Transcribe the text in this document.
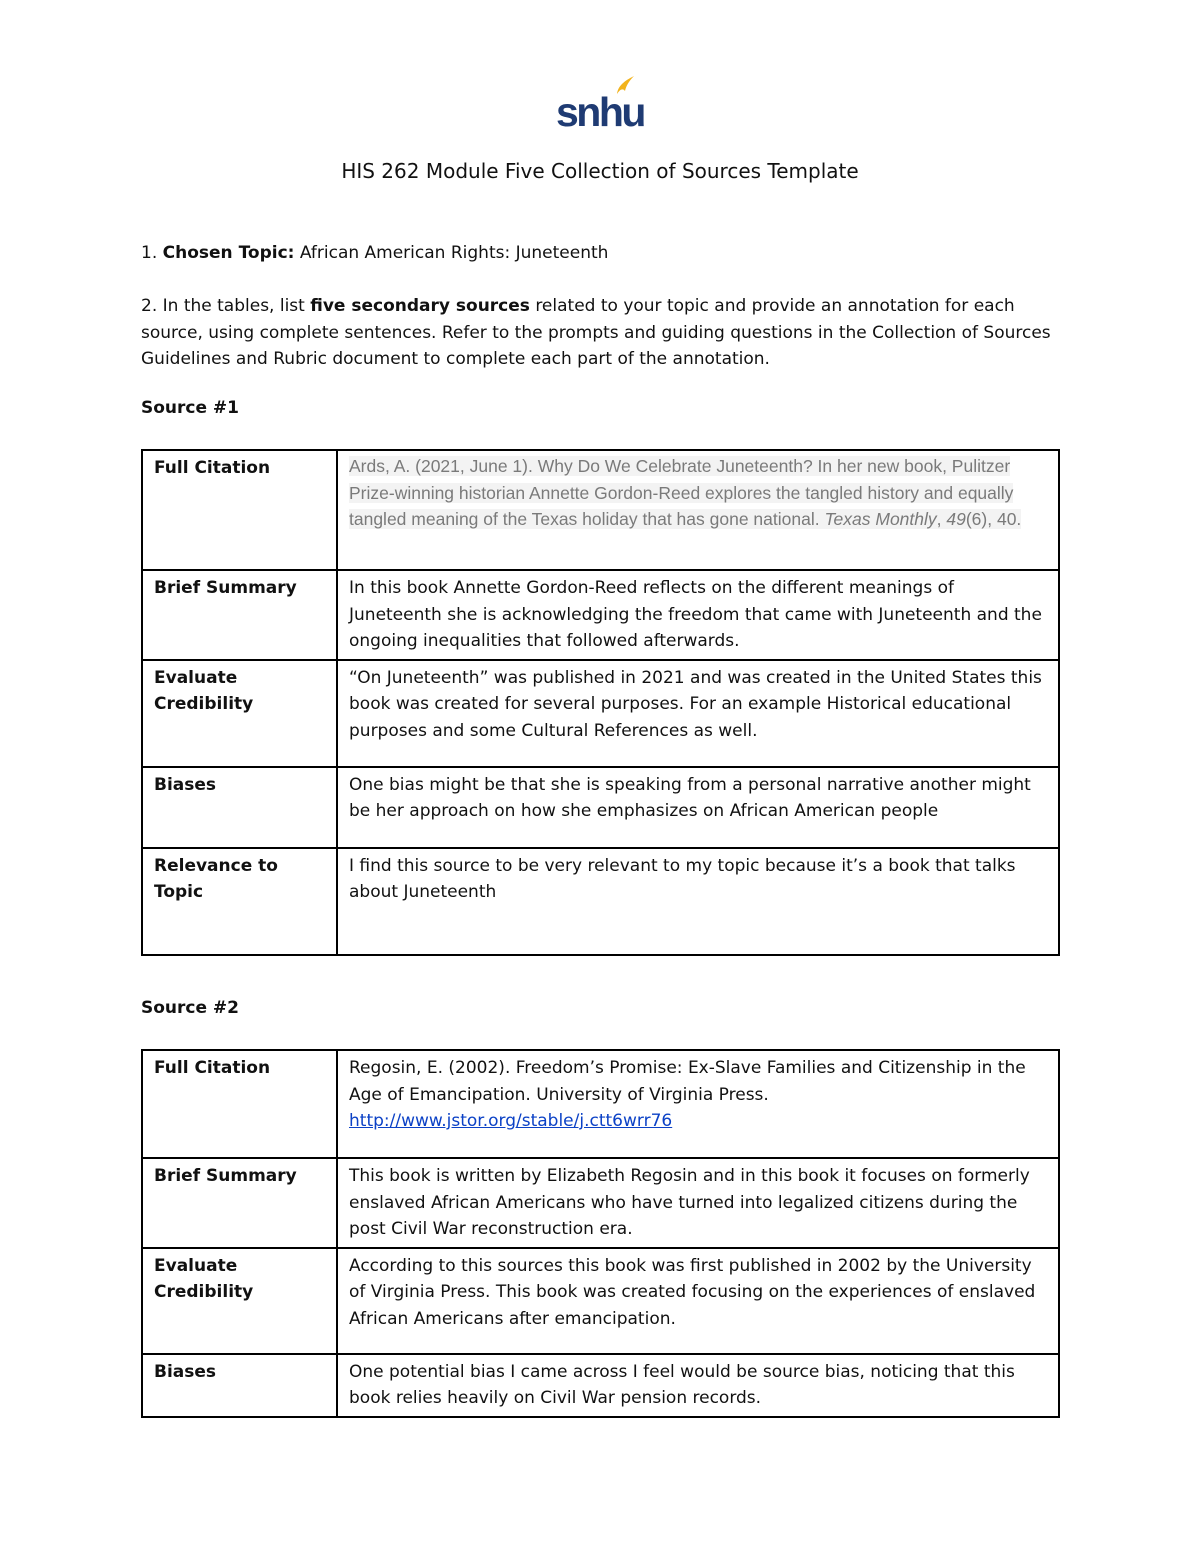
snhu
HIS 262 Module Five Collection of Sources Template
1. Chosen Topic: African American Rights: Juneteenth
2. In the tables, list five secondary sources related to your topic and provide an annotation for each source, using complete sentences. Refer to the prompts and guiding questions in the Collection of Sources Guidelines and Rubric document to complete each part of the annotation.
Source #1
Full Citation	Ards, A. (2021, June 1). Why Do We Celebrate Juneteenth? In her new book, Pulitzer Prize-winning historian Annette Gordon-Reed explores the tangled history and equally tangled meaning of the Texas holiday that has gone national. Texas Monthly, 49(6), 40.
Brief Summary	In this book Annette Gordon-Reed reflects on the different meanings of Juneteenth she is acknowledging the freedom that came with Juneteenth and the ongoing inequalities that followed afterwards.
Evaluate Credibility	“On Juneteenth” was published in 2021 and was created in the United States this book was created for several purposes. For an example Historical educational purposes and some Cultural References as well.
Biases	One bias might be that she is speaking from a personal narrative another might be her approach on how she emphasizes on African American people
Relevance to Topic	I find this source to be very relevant to my topic because it’s a book that talks about Juneteenth
Source #2
Full Citation	Regosin, E. (2002). Freedom’s Promise: Ex-Slave Families and Citizenship in the Age of Emancipation. University of Virginia Press.
http://www.jstor.org/stable/j.ctt6wrr76
Brief Summary	This book is written by Elizabeth Regosin and in this book it focuses on formerly enslaved African Americans who have turned into legalized citizens during the post Civil War reconstruction era.
Evaluate Credibility	According to this sources this book was first published in 2002 by the University of Virginia Press. This book was created focusing on the experiences of enslaved African Americans after emancipation.
Biases	One potential bias I came across I feel would be source bias, noticing that this book relies heavily on Civil War pension records.
